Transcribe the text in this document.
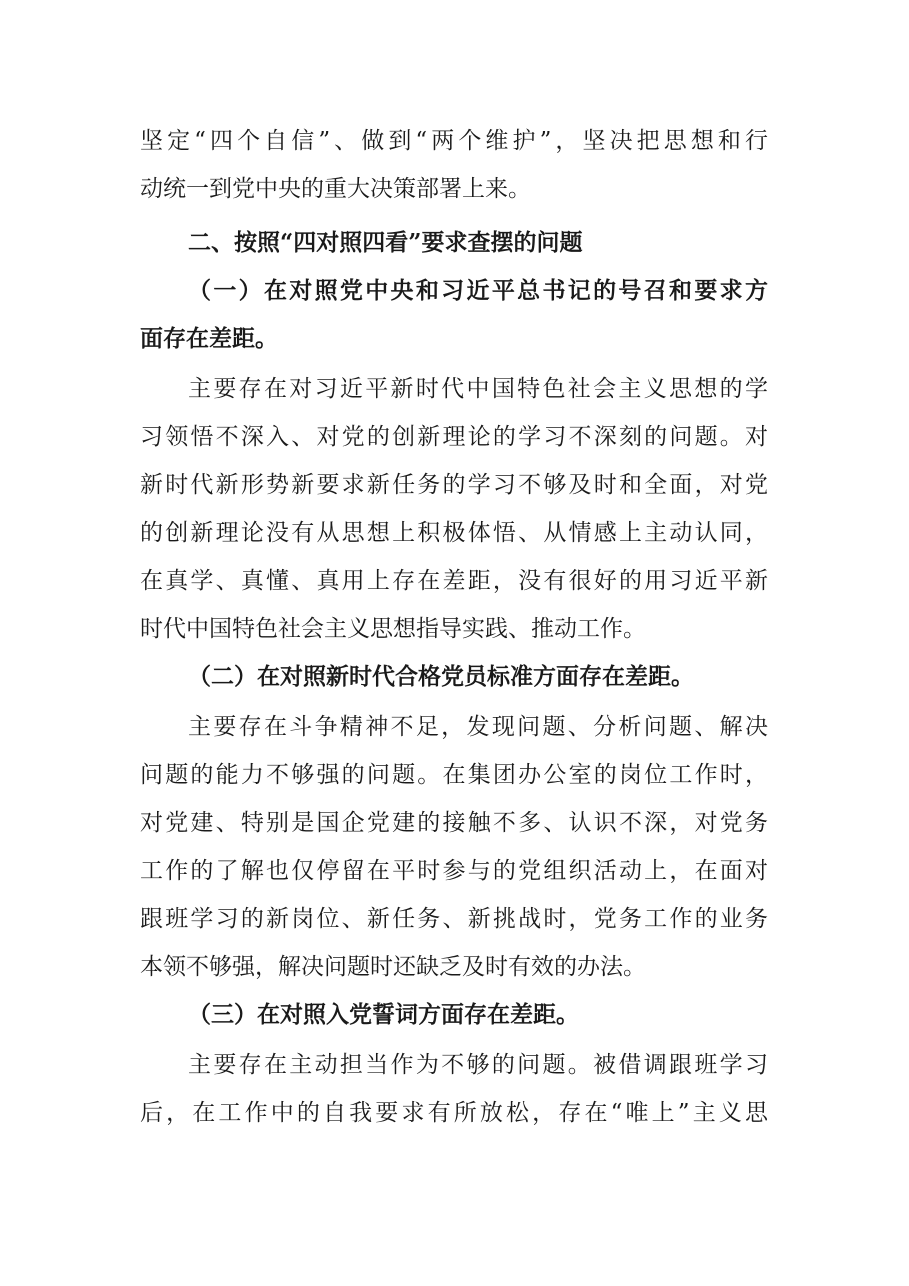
坚定“四个自信”、做到“两个维护”，坚决把思想和行
动统一到党中央的重大决策部署上来。
二、按照“四对照四看”要求查摆的问题
（一）在对照党中央和习近平总书记的号召和要求方
面存在差距。
主要存在对习近平新时代中国特色社会主义思想的学
习领悟不深入、对党的创新理论的学习不深刻的问题。对
新时代新形势新要求新任务的学习不够及时和全面，对党
的创新理论没有从思想上积极体悟、从情感上主动认同，
在真学、真懂、真用上存在差距，没有很好的用习近平新
时代中国特色社会主义思想指导实践、推动工作。
（二）在对照新时代合格党员标准方面存在差距。
主要存在斗争精神不足，发现问题、分析问题、解决
问题的能力不够强的问题。在集团办公室的岗位工作时，
对党建、特别是国企党建的接触不多、认识不深，对党务
工作的了解也仅停留在平时参与的党组织活动上，在面对
跟班学习的新岗位、新任务、新挑战时，党务工作的业务
本领不够强，解决问题时还缺乏及时有效的办法。
（三）在对照入党誓词方面存在差距。
主要存在主动担当作为不够的问题。被借调跟班学习
后，在工作中的自我要求有所放松，存在“唯上”主义思
